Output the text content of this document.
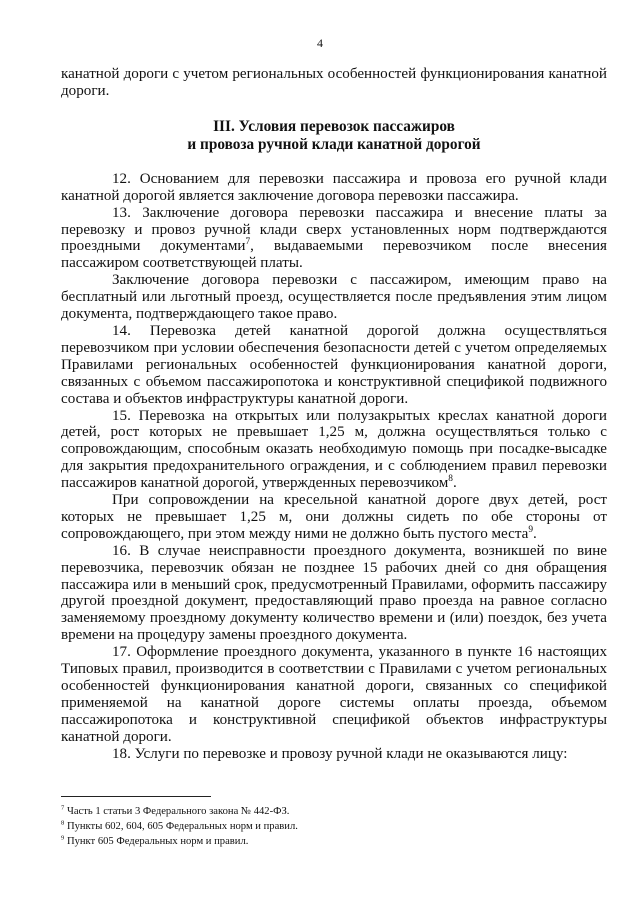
4

канатной дороги с учетом региональных особенностей функционирования канатной дороги.

III. Условия перевозок пассажиров
и провоза ручной клади канатной дорогой

12. Основанием для перевозки пассажира и провоза его ручной клади канатной дорогой является заключение договора перевозки пассажира.

13. Заключение договора перевозки пассажира и внесение платы за перевозку и провоз ручной клади сверх установленных норм подтверждаются проездными документами$^7$, выдаваемыми перевозчиком после внесения пассажиром соответствующей платы.

Заключение договора перевозки с пассажиром, имеющим право на бесплатный или льготный проезд, осуществляется после предъявления этим лицом документа, подтверждающего такое право.

14. Перевозка детей канатной дорогой должна осуществляться перевозчиком при условии обеспечения безопасности детей с учетом определяемых Правилами региональных особенностей функционирования канатной дороги, связанных с объемом пассажиропотока и конструктивной спецификой подвижного состава и объектов инфраструктуры канатной дороги.

15. Перевозка на открытых или полузакрытых креслах канатной дороги детей, рост которых не превышает 1,25 м, должна осуществляться только с сопровождающим, способным оказать необходимую помощь при посадке-высадке для закрытия предохранительного ограждения, и с соблюдением правил перевозки пассажиров канатной дорогой, утвержденных перевозчиком$^8$.

При сопровождении на кресельной канатной дороге двух детей, рост которых не превышает 1,25 м, они должны сидеть по обе стороны от сопровождающего, при этом между ними не должно быть пустого места$^9$.

16. В случае неисправности проездного документа, возникшей по вине перевозчика, перевозчик обязан не позднее 15 рабочих дней со дня обращения пассажира или в меньший срок, предусмотренный Правилами, оформить пассажиру другой проездной документ, предоставляющий право проезда на равное согласно заменяемому проездному документу количество времени и (или) поездок, без учета времени на процедуру замены проездного документа.

17. Оформление проездного документа, указанного в пункте 16 настоящих Типовых правил, производится в соответствии с Правилами с учетом региональных особенностей функционирования канатной дороги, связанных со спецификой применяемой на канатной дороге системы оплаты проезда, объемом пассажиропотока и конструктивной спецификой объектов инфраструктуры канатной дороги.

18. Услуги по перевозке и провозу ручной клади не оказываются лицу:

$^7$ Часть 1 статьи 3 Федерального закона № 442-ФЗ.
$^8$ Пункты 602, 604, 605 Федеральных норм и правил.
$^9$ Пункт 605 Федеральных норм и правил.
